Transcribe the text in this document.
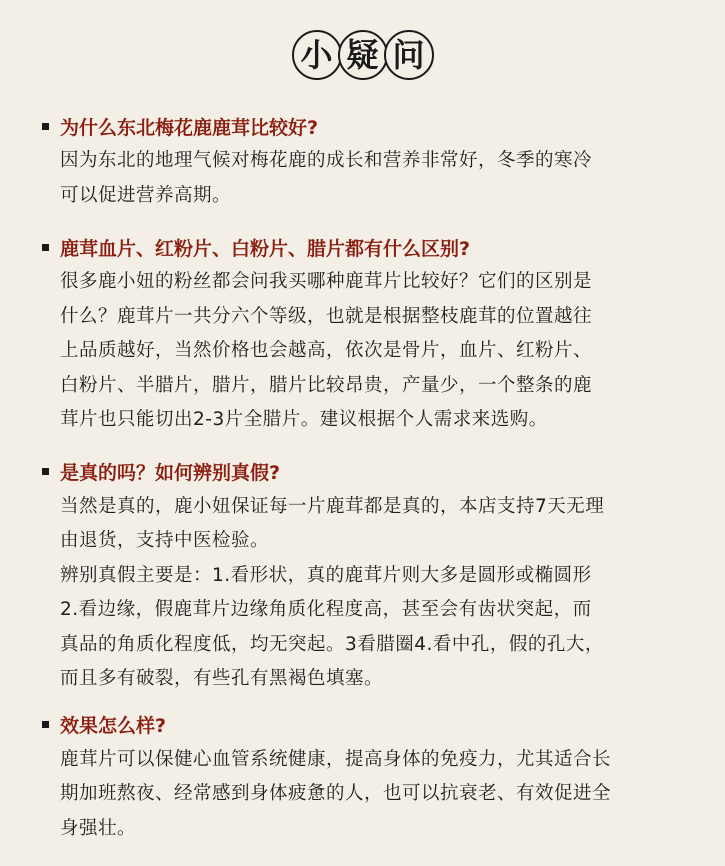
小 疑 问
为什么东北梅花鹿鹿茸比较好?
因为东北的地理气候对梅花鹿的成长和营养非常好，冬季的寒冷
可以促进营养高期。
鹿茸血片、红粉片、白粉片、腊片都有什么区别?
很多鹿小妞的粉丝都会问我买哪种鹿茸片比较好？它们的区别是
什么？鹿茸片一共分六个等级，也就是根据整枝鹿茸的位置越往
上品质越好，当然价格也会越高，依次是骨片，血片、红粉片、
白粉片、半腊片，腊片，腊片比较昂贵，产量少，一个整条的鹿
茸片也只能切出2-3片全腊片。建议根据个人需求来选购。
是真的吗？如何辨别真假?
当然是真的，鹿小妞保证每一片鹿茸都是真的，本店支持7天无理
由退货，支持中医检验。
辨别真假主要是：1.看形状，真的鹿茸片则大多是圆形或椭圆形
2.看边缘，假鹿茸片边缘角质化程度高，甚至会有齿状突起，而
真品的角质化程度低，均无突起。3看腊圈4.看中孔，假的孔大，
而且多有破裂，有些孔有黑褐色填塞。
效果怎么样?
鹿茸片可以保健心血管系统健康，提高身体的免疫力，尤其适合长
期加班熬夜、经常感到身体疲惫的人，也可以抗衰老、有效促进全
身强壮。
